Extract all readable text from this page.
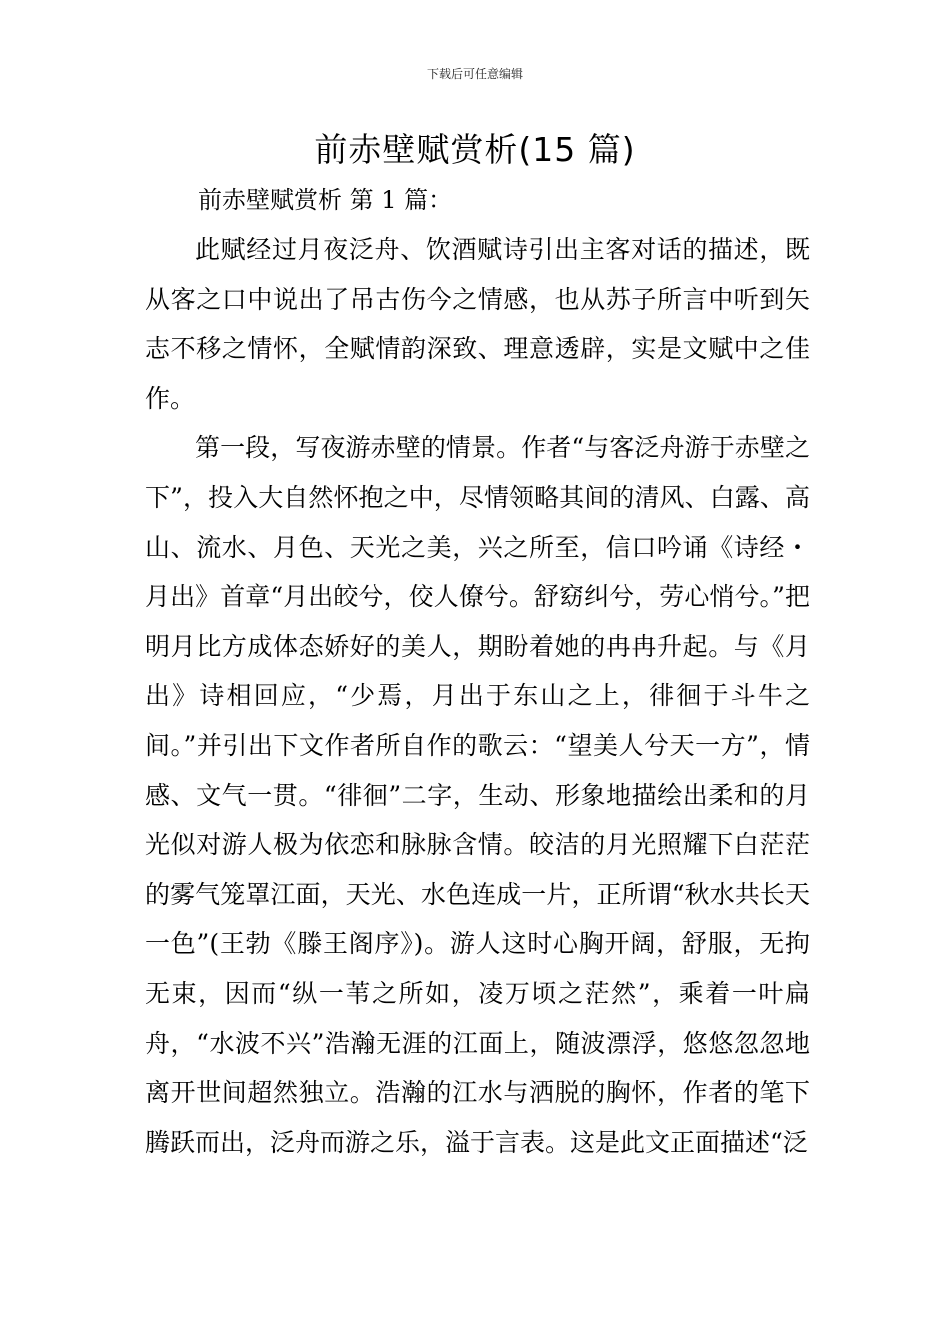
下载后可任意编辑
前赤壁赋赏析(15 篇)
前赤壁赋赏析 第 1 篇：

此赋经过月夜泛舟、饮酒赋诗引出主客对话的描述，既从客之口中说出了吊古伤今之情感，也从苏子所言中听到矢志不移之情怀，全赋情韵深致、理意透辟，实是文赋中之佳作。

第一段，写夜游赤壁的情景。作者“与客泛舟游于赤壁之下”，投入大自然怀抱之中，尽情领略其间的清风、白露、高山、流水、月色、天光之美，兴之所至，信口吟诵《诗经・月出》首章“月出皎兮，佼人僚兮。舒窈纠兮，劳心悄兮。”把明月比方成体态娇好的美人，期盼着她的冉冉升起。与《月出》诗相回应，“少焉，月出于东山之上，徘徊于斗牛之间。”并引出下文作者所自作的歌云：“望美人兮天一方”，情感、文气一贯。“徘徊”二字，生动、形象地描绘出柔和的月光似对游人极为依恋和脉脉含情。皎洁的月光照耀下白茫茫的雾气笼罩江面，天光、水色连成一片，正所谓“秋水共长天一色”(王勃《滕王阁序》)。游人这时心胸开阔，舒服，无拘无束，因而“纵一苇之所如，凌万顷之茫然”，乘着一叶扁舟，“水波不兴”浩瀚无涯的江面上，随波漂浮，悠悠忽忽地离开世间超然独立。浩瀚的江水与洒脱的胸怀，作者的笔下腾跃而出，泛舟而游之乐，溢于言表。这是此文正面描述“泛
